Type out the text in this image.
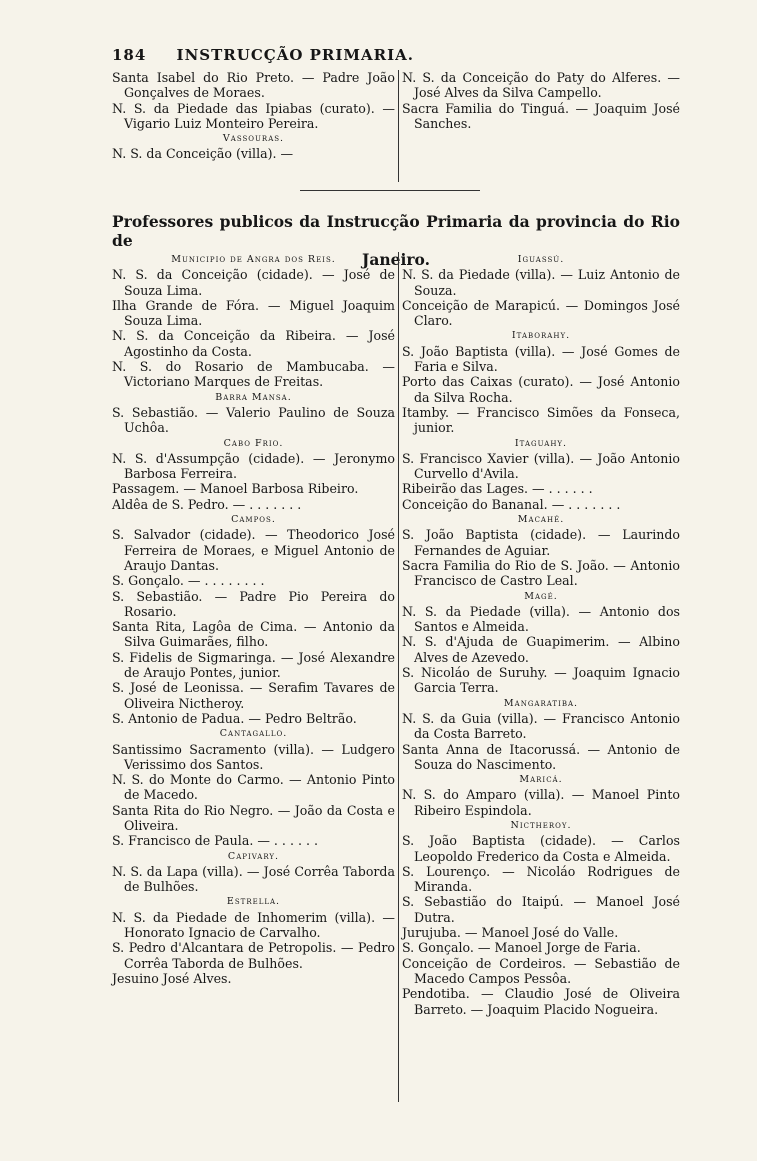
184 INSTRUCÇÃO PRIMARIA.
Santa Isabel do Rio Preto. — Padre João Gonçalves de Moraes.
N. S. da Piedade das Ipiabas (curato). — Vigario Luiz Monteiro Pereira.
Vassouras.
N. S. da Conceição (villa). —
N. S. da Conceição do Paty do Alferes. — José Alves da Silva Campello.
Sacra Familia do Tinguá. — Joaquim José Sanches.
Professores publicos da Instrucção Primaria da provincia do Rio de
Janeiro.
Municipio de Angra dos Reis.
N. S. da Conceição (cidade). — José de Souza Lima.
Ilha Grande de Fóra. — Miguel Joaquim Souza Lima.
N. S. da Conceição da Ribeira. — José Agostinho da Costa.
N. S. do Rosario de Mambucaba. — Victoriano Marques de Freitas.
Barra Mansa.
S. Sebastião. — Valerio Paulino de Souza Uchôa.
Cabo Frio.
N. S. d'Assumpção (cidade). — Jeronymo Barbosa Ferreira.
Passagem. — Manoel Barbosa Ribeiro.
Aldêa de S. Pedro. — . . . . . . .
Campos.
S. Salvador (cidade). — Theodorico José Ferreira de Moraes, e Miguel Antonio de Araujo Dantas.
S. Gonçalo. — . . . . . . . .
S. Sebastião. — Padre Pio Pereira do Rosario.
Santa Rita, Lagôa de Cima. — Antonio da Silva Guimarães, filho.
S. Fidelis de Sigmaringa. — José Alexandre de Araujo Pontes, junior.
S. José de Leonissa. — Serafim Tavares de Oliveira Nictheroy.
S. Antonio de Padua. — Pedro Beltrão.
Cantagallo.
Santissimo Sacramento (villa). — Ludgero Verissimo dos Santos.
N. S. do Monte do Carmo. — Antonio Pinto de Macedo.
Santa Rita do Rio Negro. — João da Costa e Oliveira.
S. Francisco de Paula. — . . . . . .
Capivary.
N. S. da Lapa (villa). — José Corrêa Taborda de Bulhões.
Estrella.
N. S. da Piedade de Inhomerim (villa). — Honorato Ignacio de Carvalho.
S. Pedro d'Alcantara de Petropolis. — Pedro Corrêa Taborda de Bulhões.
Jesuino José Alves.
Iguassú.
N. S. da Piedade (villa). — Luiz Antonio de Souza.
Conceição de Marapicú. — Domingos José Claro.
Itaborahy.
S. João Baptista (villa). — José Gomes de Faria e Silva.
Porto das Caixas (curato). — José Antonio da Silva Rocha.
Itamby. — Francisco Simões da Fonseca, junior.
Itaguahy.
S. Francisco Xavier (villa). — João Antonio Curvello d'Avila.
Ribeirão das Lages. — . . . . . .
Conceição do Bananal. — . . . . . . .
Macahé.
S. João Baptista (cidade). — Laurindo Fernandes de Aguiar.
Sacra Familia do Rio de S. João. — Antonio Francisco de Castro Leal.
Magé.
N. S. da Piedade (villa). — Antonio dos Santos e Almeida.
N. S. d'Ajuda de Guapimerim. — Albino Alves de Azevedo.
S. Nicoláo de Suruhy. — Joaquim Ignacio Garcia Terra.
Mangaratiba.
N. S. da Guia (villa). — Francisco Antonio da Costa Barreto.
Santa Anna de Itacorussá. — Antonio de Souza do Nascimento.
Maricá.
N. S. do Amparo (villa). — Manoel Pinto Ribeiro Espindola.
Nictheroy.
S. João Baptista (cidade). — Carlos Leopoldo Frederico da Costa e Almeida.
S. Lourenço. — Nicoláo Rodrigues de Miranda.
S. Sebastião do Itaipú. — Manoel José Dutra.
Jurujuba. — Manoel José do Valle.
S. Gonçalo. — Manoel Jorge de Faria.
Conceição de Cordeiros. — Sebastião de Macedo Campos Pessôa.
Pendotiba. — Claudio José de Oliveira Barreto. — Joaquim Placido Nogueira.
